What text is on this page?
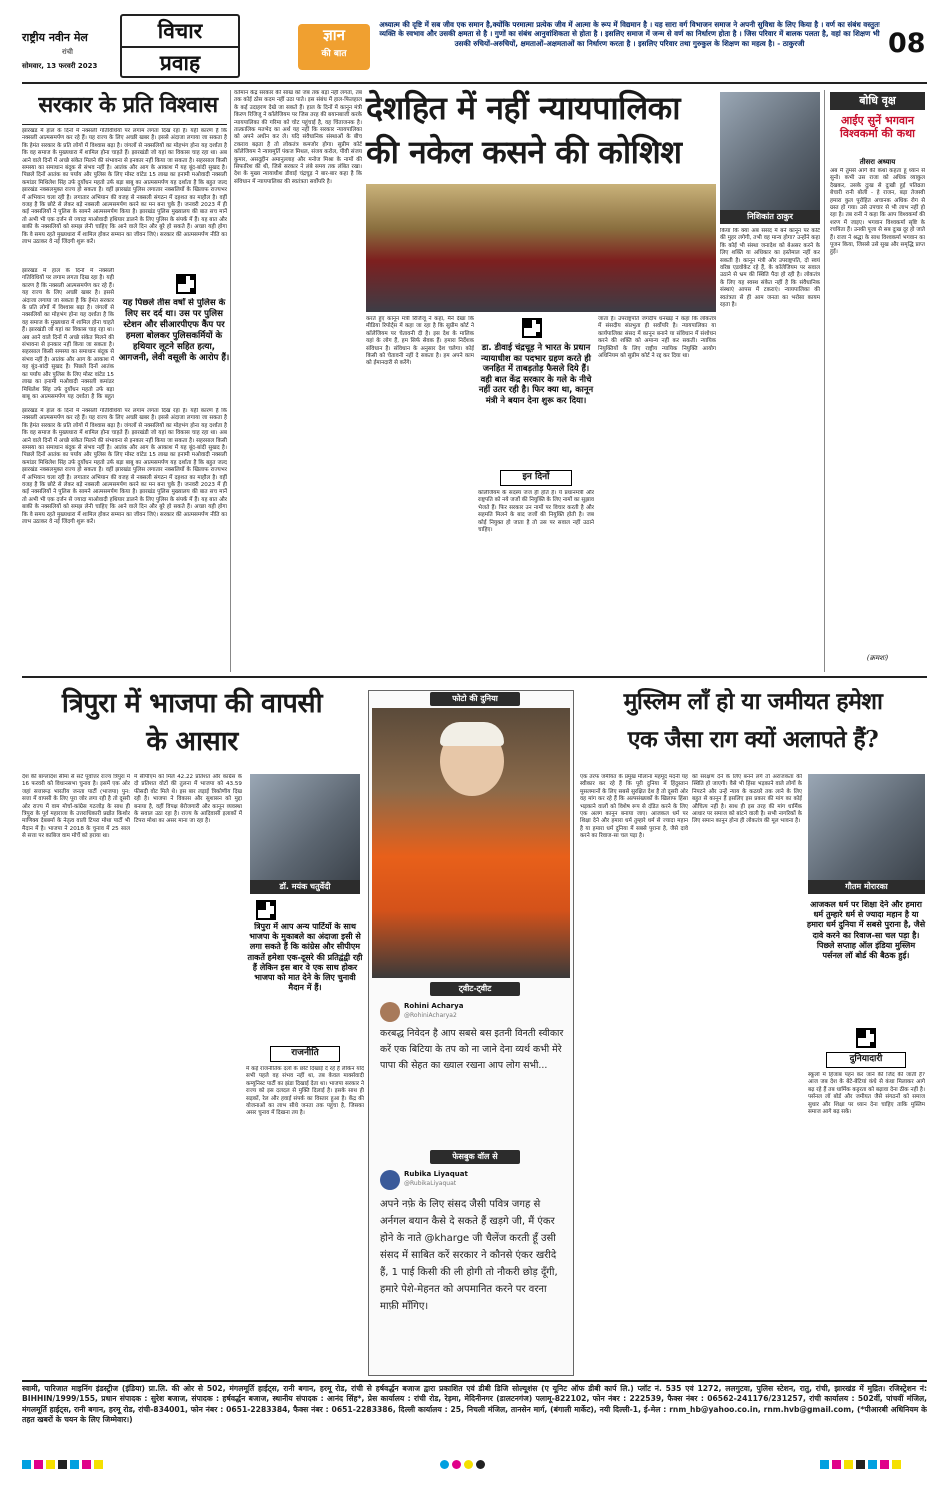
राष्ट्रीय नवीन मेल
रांची
सोमवार, 13 फरवरी 2023
विचार
प्रवाह
ज्ञान
की बात
अध्यात्म की दृष्टि में सब जीव एक समान है,क्योंकि परमात्मा प्रत्येक जीव में आत्मा के रूप में विद्यमान है । यह सारा वर्ग विभाजन समाज ने अपनी सुविधा के लिए किया है । वर्ण का संबंध वस्तुतः व्यक्ति के स्वभाव और उसकी क्षमता से है । गुणों का संबंध आनुवांशिकता से होता है । इसलिए समाज में जन्म से वर्ण का निर्धारण होता है । जिस परिवार में बालक पलता है, वहां का शिक्षण भी उसकी रुचियों-अरुचियों, क्षमताओं-अक्षमताओं का निर्धारण करता है । इसलिए परिवार तथा गुरुकुल के शिक्षण का महत्व है। - ठाकुरजी	08
सरकार के प्रति विश्वास
झारखंड में हाल के दिनों में नक्सली गतिविधियों पर लगाम लगता दिख रहा है। यही कारण है कि नक्सली आत्मसमर्पण कर रहे हैं। यह राज्य के लिए अच्छी खबर है। इससे अंदाजा लगाया जा सकता है कि हेमंत सरकार के प्रति लोगों में विश्वास बढ़ा है। जंगलों से नक्सलियों का मोहभंग होना यह दर्शाता है कि वह समाज के मुख्यधारा में शामिल होना चाहते हैं। झारखंडी जो यहां का विकास चाह रहा था। अब आने वाले दिनों में अच्छे संकेत मिलने की संभावना से इनकार नहीं किया जा सकता है। सहरसाल किसी समस्या का समाधान बंदूक से संभव नहीं है। आतंक और आग के आकाश में यह बूंद-बांदी सुखद है। पिछले दिनों आतंक का पर्याय और पुलिस के लिए मोस्ट वांटेड 15 लाख का इनामी मओवादी नक्सली कमांडर मिथिलेश सिंह उर्फ दुर्योधन महतो उर्फ बड़ा बाबू का आत्मसमर्पण यह दर्शाता है कि बहुत जल्द झारखंड नक्सलमुक्त राज्य हो सकता है। वहीं झारखंड पुलिस लगातार नक्सलियों के खिलाफ राज्यभर में अभियान चला रही है। लगातार अभियान की वजह से नक्सली संगठन में दहशत का माहौल है। वहीं वजह है कि छोटे से लेकर बड़े नक्सली आत्मसमर्पण करने का मन बना चुके हैं। जनवरी 2023 में ही कई नक्सलियों ने पुलिस के सामने आत्मसमर्पण किया है। झारखंड पुलिस मुख्यालय की बात सच मानें तो अभी भी एक दर्जन से ज्यादा माओवादी हथियार डालने के लिए पुलिस के संपर्क में हैं। यह बात और बाकी के नक्सलियों को समझ लेनी चाहिए कि आने वाले दिन और बुरे हो सकते हैं। अच्छा यही होगा कि वे समय रहते मुख्यधारा में शामिल होकर सम्मान का जीवन जिएं। सरकार की आत्मसमर्पण नीति का लाभ उठाकर वे नई जिंदगी शुरू करें।
झारखंड में हाल के दिनों में नक्सली गतिविधियों पर लगाम लगता दिख रहा है। यही कारण है कि नक्सली आत्मसमर्पण कर रहे हैं। यह राज्य के लिए अच्छी खबर है। इससे अंदाजा लगाया जा सकता है कि हेमंत सरकार के प्रति लोगों में विश्वास बढ़ा है। जंगलों से नक्सलियों का मोहभंग होना यह दर्शाता है कि वह समाज के मुख्यधारा में शामिल होना चाहते हैं। झारखंडी जो यहां का विकास चाह रहा था। अब आने वाले दिनों में अच्छे संकेत मिलने की संभावना से इनकार नहीं किया जा सकता है। सहरसाल किसी समस्या का समाधान बंदूक से संभव नहीं है। आतंक और आग के आकाश में यह बूंद-बांदी सुखद है। पिछले दिनों आतंक का पर्याय और पुलिस के लिए मोस्ट वांटेड 15 लाख का इनामी मओवादी नक्सली कमांडर मिथिलेश सिंह उर्फ दुर्योधन महतो उर्फ बड़ा बाबू का आत्मसमर्पण यह दर्शाता है कि बहुत
यह पिछले तीस वर्षों से पुलिस के लिए सर दर्द था। उस पर पुलिस स्टेशन और सीआरपीएफ कैंप पर हमला बोलकर पुलिसकर्मियों के हथियार लूटने सहित हत्या, आगजनी, लेवी वसूली के आरोप हैं।
झारखंड में हाल के दिनों में नक्सली गतिविधियों पर लगाम लगता दिख रहा है। यही कारण है कि नक्सली आत्मसमर्पण कर रहे हैं। यह राज्य के लिए अच्छी खबर है। इससे अंदाजा लगाया जा सकता है कि हेमंत सरकार के प्रति लोगों में विश्वास बढ़ा है। जंगलों से नक्सलियों का मोहभंग होना यह दर्शाता है कि वह समाज के मुख्यधारा में शामिल होना चाहते हैं। झारखंडी जो यहां का विकास चाह रहा था। अब आने वाले दिनों में अच्छे संकेत मिलने की संभावना से इनकार नहीं किया जा सकता है। सहरसाल किसी समस्या का समाधान बंदूक से संभव नहीं है। आतंक और आग के आकाश में यह बूंद-बांदी सुखद है। पिछले दिनों आतंक का पर्याय और पुलिस के लिए मोस्ट वांटेड 15 लाख का इनामी मओवादी नक्सली कमांडर मिथिलेश सिंह उर्फ दुर्योधन महतो उर्फ बड़ा बाबू का आत्मसमर्पण यह दर्शाता है कि बहुत जल्द झारखंड नक्सलमुक्त राज्य हो सकता है। वहीं झारखंड पुलिस लगातार नक्सलियों के खिलाफ राज्यभर में अभियान चला रही है। लगातार अभियान की वजह से नक्सली संगठन में दहशत का माहौल है। वहीं वजह है कि छोटे से लेकर बड़े नक्सली आत्मसमर्पण करने का मन बना चुके हैं। जनवरी 2023 में ही कई नक्सलियों ने पुलिस के सामने आत्मसमर्पण किया है। झारखंड पुलिस मुख्यालय की बात सच मानें तो अभी भी एक दर्जन से ज्यादा माओवादी हथियार डालने के लिए पुलिस के संपर्क में हैं। यह बात और बाकी के नक्सलियों को समझ लेनी चाहिए कि आने वाले दिन और बुरे हो सकते हैं। अच्छा यही होगा कि वे समय रहते मुख्यधारा में शामिल होकर सम्मान का जीवन जिएं। सरकार की आत्मसमर्पण नीति का लाभ उठाकर वे नई जिंदगी शुरू करें।
वर्तमान केंद्र सरकार की साख को जब तक बड़ा नहीं लगता, तब तक कोई ठोस कदम नहीं उठा पाते। इस संबंध में हाल-फिलहाल के कई उदाहरण देखे जा सकते हैं। हाल के दिनों में कानून मंत्री किरण रिजिजू ने कॉलेजियम पर जिस तरह की बयानबाजी करके न्यायपालिका की गरिमा को चोट पहुंचाई है, वह चिंताजनक है। तात्कालिक मतभेद का अर्थ यह नहीं कि सरकार न्यायपालिका को अपने अधीन कर ले। यदि संवैधानिक संस्थाओं के बीच टकराव बढ़ता है तो लोकतंत्र कमजोर होगा। सुप्रीम कोर्ट कॉलेजियम ने न्यायमूर्ति पंकज मिथल, संजय करोल, पीवी संजय कुमार, असदुद्दीन अमानुल्लाह और मनोज मिश्रा के नामों की सिफारिश की थी, जिसे सरकार ने लंबे समय तक लंबित रखा। देश के मुख्य न्यायाधीश डीवाई चंद्रचूड़ ने बार-बार कहा है कि संविधान में न्यायपालिका की स्वतंत्रता सर्वोपरि है।
देशहित में नहीं न्यायपालिका
की नकेल कसने की कोशिश
निशिकांत ठाकुर
किया कि क्या अब संसद में बने कानून पर कोर्ट की मुहर लगेगी, तभी वह मान्य होगा? उन्होंने कहा कि कोई भी संस्था जनादेश को बेअसर करने के लिए शक्ति या अधिकार का इस्तेमाल नहीं कर सकती है। कानून मंत्री और उपराष्ट्रपति, दो स्वयं वरिष्ठ एडवोकेट रहे हैं, के कॉलेजियम पर सवाल उठाने से भ्रम की स्थिति पैदा हो रही है। लोकतंत्र के लिए यह स्वस्थ संकेत नहीं है कि संवैधानिक संस्थाएं आपस में टकराएं। न्यायपालिका की स्वतंत्रता से ही आम जनता का भरोसा कायम रहता है।
करते हुए कानून मंत्री रिजिजू ने कहा, मैंने देखा कि मीडिया रिपोर्ट्स में कहा जा रहा है कि सुप्रीम कोर्ट ने कॉलेजियम पर चेतावनी दी है। इस देश के मालिक यहां के लोग हैं, हम सिर्फ सेवक हैं। हमारा निर्देशक संविधान है। संविधान के अनुसार देश चलेगा। कोई किसी को चेतावनी नहीं दे सकता है। हम अपने काम को ईमानदारी से करेंगे।
डा. डीवाई चंद्रचूड़ ने भारत के प्रधान न्यायाधीश का पदभार ग्रहण करते ही जनहित में ताबड़तोड़ फैसले दिये हैं। वही बात केंद्र सरकार के गले के नीचे नहीं उतर रही है। फिर क्या था, कानून मंत्री ने बयान देना शुरू कर दिया।
इन दिनों
कॉलेजियम के सदस्य जज ही होते हैं। ये प्रधानमंत्री और राष्ट्रपति को नये जजों की नियुक्ति के लिए नामों का सुझाव भेजते हैं। फिर सरकार उन नामों पर विचार करती है और सहमति मिलने के बाद जजों की नियुक्ति होती है। जब कोई नियुक्त हो जाता है तो उस पर सवाल नहीं उठाने चाहिए।
जाता है। उपराष्ट्रपति जगदीप धनखड़ ने कहा कि लोकतंत्र में संसदीय संप्रभुता ही सर्वोपरि है। न्यायपालिका या कार्यपालिका संसद में कानून बनाने या संविधान में संशोधन करने की शक्ति को अमान्य नहीं कर सकती। न्यायिक नियुक्तियों के लिए राष्ट्रीय न्यायिक नियुक्ति आयोग अधिनियम को सुप्रीम कोर्ट ने रद्द कर दिया था।
बोधि वृक्ष
आईए सुनें भगवान विश्वकर्मा की कथा
तीसरा अध्याय
अब मैं तुमसे आगे की कथा कहता हूं ध्यान से सुनो। कभी उस राजा को अधिक व्याकुल देखकर, उसके दुःख से दुःखी हुई पतिव्रता बेचारी रानी बोली - हे राजन, बड़ा तेजस्वी हमारा कुल पुरोहित अचानक अधिक रोग से ग्रस्त हो गया। उसे उपचार से भी लाभ नहीं हो रहा है। तब रानी ने कहा कि आप विश्वकर्मा की शरण में जाइए। भगवान विश्वकर्मा सृष्टि के रचयिता हैं। उनकी पूजा से सब दुःख दूर हो जाते हैं। राजा ने श्रद्धा के साथ विश्वकर्मा भगवान का पूजन किया, जिससे उसे सुख और समृद्धि प्राप्त हुई।
(क्रमशः)
त्रिपुरा में भाजपा की वापसी
के आसार
देश की बांग्लादेश सीमा से सटे पूर्वोत्तर राज्य त्रिपुरा में 16 फरवरी को विधानसभा चुनाव है। इसमें एक ओर जहां सत्तारूढ़ भारतीय जनता पार्टी (भाजपा) पुन: सत्ता में वापसी के लिए पूरा जोर लगा रही है तो दूसरी ओर राज्य में वाम मोर्चा-कांग्रेस गठजोड़ के साथ ही त्रिपुरा के पूर्व महाराजा के उत्तराधिकारी प्रद्योत किशोर माणिक्य देबबर्मा के नेतृत्व वाली टिपरा मोथा पार्टी भी मैदान में है। भाजपा ने 2018 के चुनाव में 25 साल से सत्ता पर काबिज वाम मोर्चे को हराया था।
में सीपीएम को मिले 42.22 प्रतिशत और कांग्रेस के दो प्रतिशत वोटों की तुलना में भाजपा को 43.59 फीसदी वोट मिले थे। इस बार लड़ाई त्रिकोणीय दिख रही है। भाजपा ने विकास और सुशासन को मुद्दा बनाया है, वहीं विपक्ष बेरोजगारी और कानून व्यवस्था के सवाल उठा रहा है। राज्य के आदिवासी इलाकों में टिपरा मोथा का असर माना जा रहा है।
डॉ. मयंक चतुर्वेदी
त्रिपुरा में आप अन्य पार्टियों के साथ भाजपा के मुकाबले का अंदाजा इसी से लगा सकते हैं कि कांग्रेस और सीपीएम ताकतें हमेशा एक-दूसरे की प्रतिद्वंद्वी रही हैं लेकिन इस बार वे एक साथ होकर भाजपा को मात देने के लिए चुनावी मैदान में हैं।
राजनीति
में कई राजनीतिक दलों के छोटे दिखाई दे रहे हैं लेकिन यदि सभी पहले वह संभव नहीं था, तब केवल मार्क्सवादी कम्युनिस्ट पार्टी का झंडा दिखाई देता था। भाजपा सरकार ने राज्य को इस दलदल से मुक्ति दिलाई है। इसके साथ ही सड़कों, रेल और हवाई संपर्क का विस्तार हुआ है। केंद्र की योजनाओं का लाभ सीधे जनता तक पहुंचा है, जिसका असर चुनाव में दिखना तय है।
फोटो की दुनिया
ट्वीट-ट्वीट
Rohini Acharya
@RohiniAcharya2
करबद्ध निवेदन है आप सबसे बस इतनी विनती स्वीकार करें एक बिटिया के तप को ना जाने देना व्यर्थ कभी मेरे पापा की सेहत का ख्याल रखना आप लोग सभी...
फेसबुक वॉल से
Rubika Liyaquat
@RubikaLiyaquat
अपने नफ़े के लिए संसद जैसी पवित्र जगह से अर्नगल बयान कैसे दे सकते हैं खड़गे जी, मैं एंकर होने के नाते @kharge जी चैलेंज करती हूँ उसी संसद में साबित करें सरकार ने कौनसे एंकर खरीदे हैं, 1 पाई किसी की ली होगी तो नौकरी छोड़ दूँगी, हमारे पेशे-मेहनत को अपमानित करने पर वरना माफ़ी माँगिए।
मुस्लिम लॉं हो या जमीयत हमेशा
एक जैसा राग क्यों अलापते हैं?
एक तरफ जमीयत के प्रमुख मौलाना महमूद मदनी यह स्वीकार कर रहे हैं कि पूरी दुनिया में हिंदुस्तान मुसलमानों के लिए सबसे सुरक्षित देश है तो दूसरी ओर वह मांग कर रहे हैं कि अल्पसंख्यकों के खिलाफ हिंसा भड़काने वालों को विशेष रूप से दंडित करने के लिए एक अलग कानून बनाया जाए। आजकल धर्म पर शिक्षा देने और हमारा धर्म तुम्हारे धर्म से ज्यादा महान है या हमारा धर्म दुनिया में सबसे पुराना है, जैसे दावे करने का रिवाज-सा चल पड़ा है।
को संरक्षण देने के लिए बनने लगे तो अराजकता की स्थिति हो जाएगी। वैसे भी हिंसा भड़काने वाले लोगों के निपटने और उन्हें न्याय के कठघरे तक लाने के लिए बहुत से कानून हैं इसलिए इस प्रकार की मांग का कोई औचित्य नहीं है। साथ ही इस तरह की मांग धार्मिक आधार पर समाज को बांटने वाली है। सभी नागरिकों के लिए समान कानून होना ही लोकतंत्र की मूल भावना है।
गौतम मोरारका
आजकल धर्म पर शिक्षा देने और हमारा धर्म तुम्हारे धर्म से ज्यादा महान है या हमारा धर्म दुनिया में सबसे पुराना है, जैसे दावे करने का रिवाज-सा चल पड़ा है। पिछले सप्ताह ऑल इंडिया मुस्लिम पर्सनल लॉ बोर्ड की बैठक हुई।
दुनियादारी
स्कूलों में हिजाब पहन कर जाने की जिद की जाती है? आज जब देश के बेटे-बेटियां कंधे से कंधा मिलाकर आगे बढ़ रहे हैं तब धार्मिक कट्टरता को बढ़ावा देना ठीक नहीं है। पर्सनल लॉ बोर्ड और जमीयत जैसे संगठनों को समाज सुधार और शिक्षा पर ध्यान देना चाहिए ताकि मुस्लिम समाज आगे बढ़ सके।
स्वामी, पारिजात माइनिंग इंडस्ट्रीज (इंडिया) प्रा.लि. की ओर से 502, मंगलमूर्ति हाईट्स, रानी बगान, हरमू रोड, रांची से हर्षवर्द्धन बजाज द्वारा प्रकाशित एवं डीबी डिजि सोल्यूशंस (ए यूनिट ऑफ डीबी कार्प लि.) प्लॉट नं. 535 एवं 1272, ललगुटवा, पुलिस स्टेशन, रातु, रांची, झारखंड में मुद्रित। रजिस्ट्रेशन नं: BIHHIN/1999/155, प्रधान संपादक : सुरेश बजाज, संपादक : हर्षवर्द्धन बजाज, स्थानीय संपादक : आनंद सिंह*, प्रेस कार्यालय : रांची रोड, रेड़मा, मेदिनीनगर (डालटनगंज) पलामू-822102, फोन नंबर : 222539, फैक्स नंबर : 06562-241176/231257, रांची कार्यालय : 502वीं, पांचवीं मंजिल, मंगलमूर्ति हाईट्स, रानी बगान, हरमू रोड, रांची-834001, फोन नंबर : 0651-2283384, फैक्स नंबर : 0651-2283386, दिल्ली कार्यालय : 25, निचली मंजिल, तानसेन मार्ग, (बंगाली मार्केट), नयी दिल्ली-1, ई-मेल : rnm_hb@yahoo.co.in, rnm.hvb@gmail.com, (*पीआरबी अधिनियम के तहत खबरों के चयन के लिए जिम्मेवार।)
